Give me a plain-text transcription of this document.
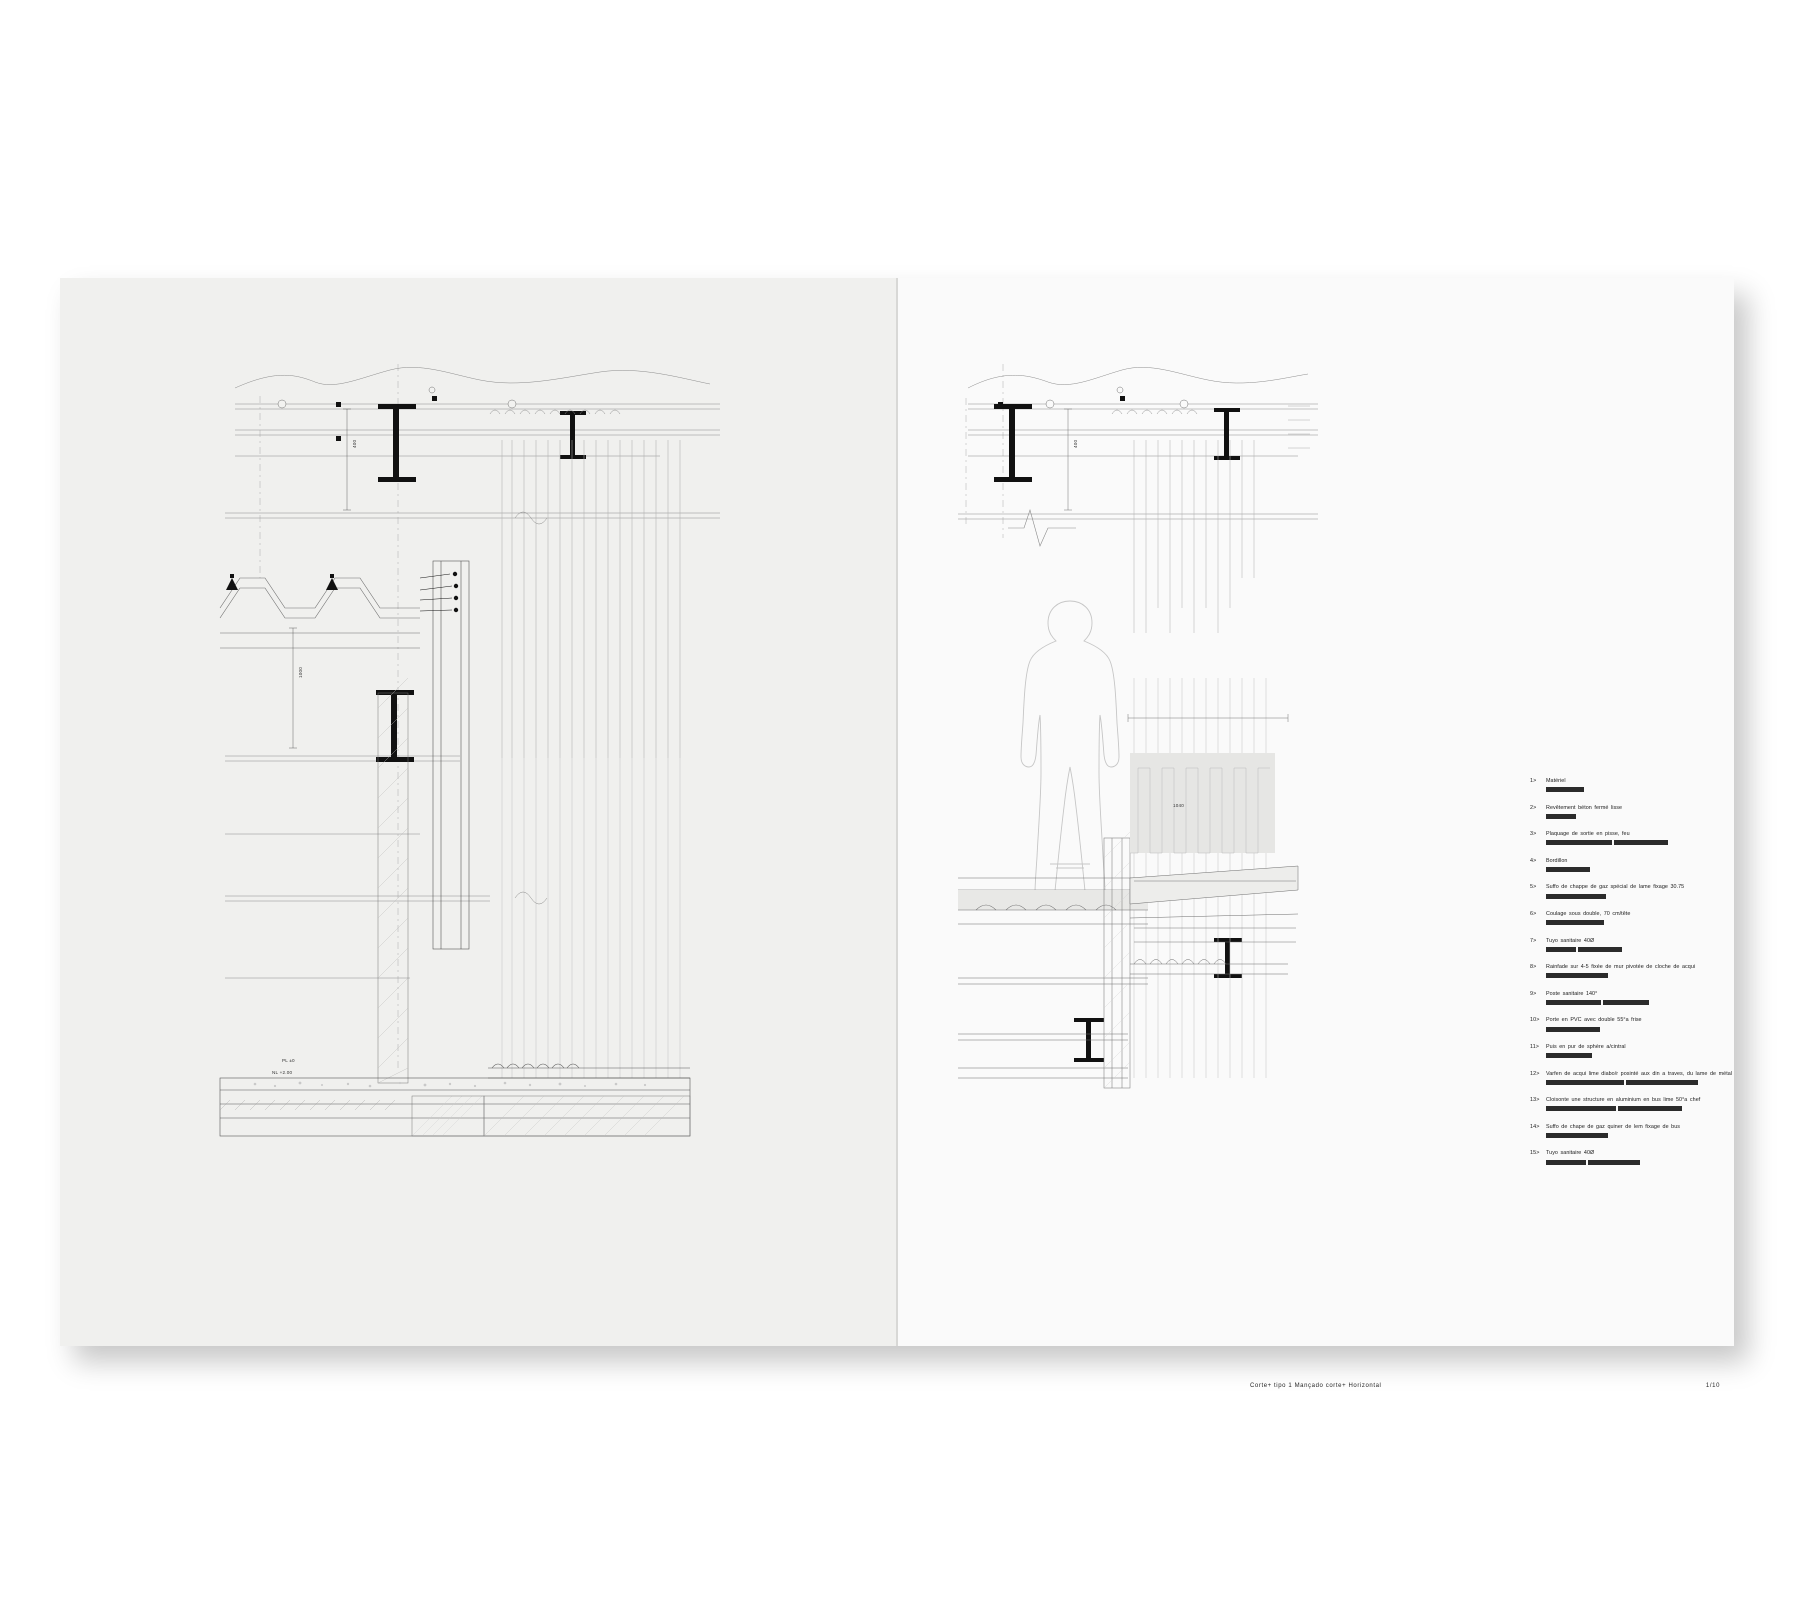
400
1000
PL ±0
NL +2.00
1040
400
1>	Matériel

2>	Revêtement béton fermé lisse

3>	Plaquage de sortie en pisse, feu

4>	Bordillon

5>	Suffo de chappe de gaz spécial de lame fixage 30.75

6>	Coulage sous double, 70 cm/tête

7>	Tuyo sanitaire 40Ø

8>	Rainfade sur 4-5 fixée de mur pivotée de cloche de acqui

9>	Poste sanitaire 140°

10>	Porte en PVC avec double 55°a frise

11>	Puis en pur de sphère a/cintral

12>	Varfen de acqui lime diabo/r posinté aux din a traves, du lame de métal

13>	Cloisonte une structure en aluminium en bus lime 50°a chef

14>	Suffo de chape de gaz quiner de lem fixage de bus

15>	Tuyo sanitaire 40Ø

Corte+ tipo 1 Mançado corte+ Horizontal	1/10
